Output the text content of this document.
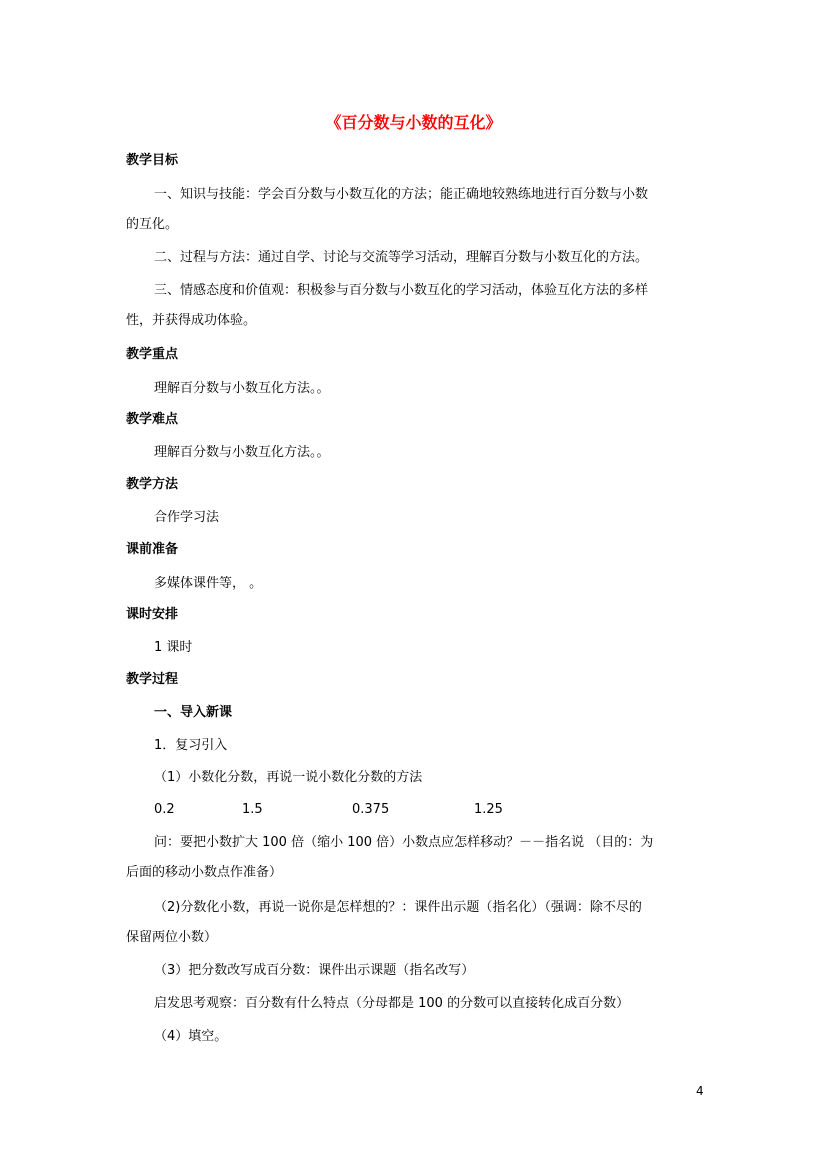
《百分数与小数的互化》
教学目标
一、知识与技能：学会百分数与小数互化的方法；能正确地较熟练地进行百分数与小数
的互化。
二、过程与方法：通过自学、讨论与交流等学习活动，理解百分数与小数互化的方法。
三、情感态度和价值观：积极参与百分数与小数互化的学习活动，体验互化方法的多样
性，并获得成功体验。
教学重点
理解百分数与小数互化方法。。
教学难点
理解百分数与小数互化方法。。
教学方法
合作学习法
课前准备
多媒体课件等， 。
课时安排
1 课时
教学过程
一、导入新课
1．复习引入
（1）小数化分数，再说一说小数化分数的方法
0.2	1.5	0.375	1.25
问：要把小数扩大 100 倍（缩小 100 倍）小数点应怎样移动？－－指名说 （目的：为
后面的移动小数点作准备）
（2)分数化小数，再说一说你是怎样想的？：课件出示题（指名化）（强调：除不尽的
保留两位小数）
（3）把分数改写成百分数：课件出示课题（指名改写）
启发思考观察：百分数有什么特点（分母都是 100 的分数可以直接转化成百分数）
（4）填空。
4
